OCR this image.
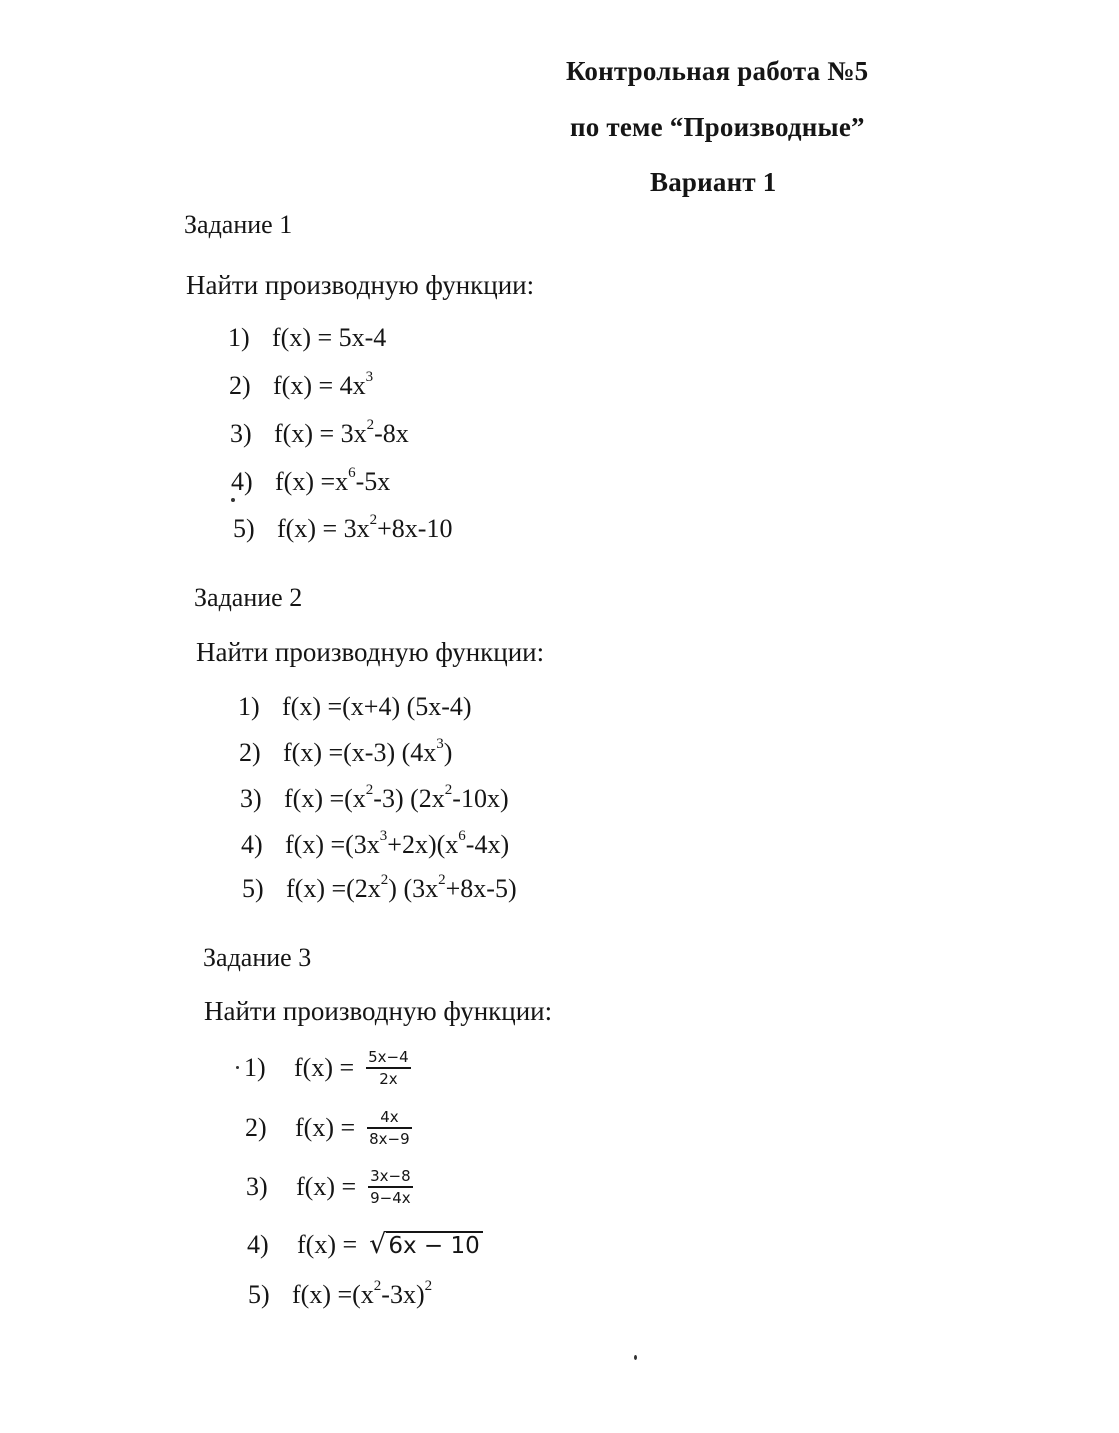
Контрольная работа №5
по теме “Производные”
Вариант 1
Задание 1
Найти производную функции:
1) f(x) = 5x-4
2) $f(x) = 4x^3$
3) $f(x) = 3x^2-8x$
4) $f(x) =x^6-5x$
5) $f(x) = 3x^2+8x-10$
Задание 2
Найти производную функции:
1) f(x) =(x+4) (5x-4)
2) f(x) =(x-3) $(4x^3)$
3) $f(x) =(x^2-3)$ $(2x^2-10x)$
4) $f(x) =(3x^3+2x)(x^6-4x)$
5) $f(x) =(2x^2)$ $(3x^2+8x-5)$
Задание 3
Найти производную функции:
1)	$f(x) = \frac{5x-4}{2x}$
2)	$f(x) = \frac{4x}{8x-9}$
3)	$f(x) = \frac{3x-8}{9-4x}$
4)	f(x) = √ 6x − 10
5) $f(x) =(x^2-3x)^2$
